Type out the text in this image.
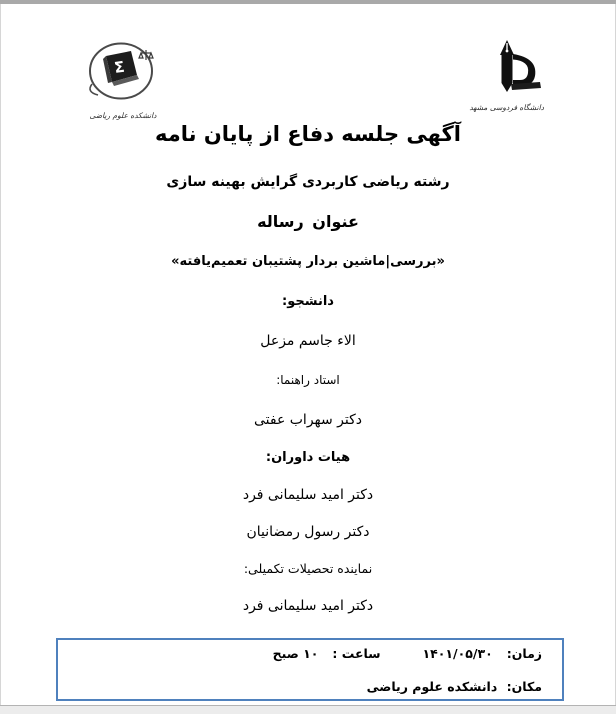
Σ
دانشکده علوم ریاضی
دانشگاه فردوسی مشهد
آگهی جلسه دفاع از پایان نامه
رشته ریاضی کاربردی گرایش بهینه سازی
عنوان رساله
«بررسی|ماشین بردار پشتیبان تعمیم‌یافته»
دانشجو:
الاء جاسم مزعل
استاد راهنما:
دکتر سهراب عفتی
هیات داوران:
دکتر امید سلیمانی فرد
دکتر رسول رمضانیان
نماینده تحصیلات تکمیلی:
دکتر امید سلیمانی فرد
زمان:
۱۴۰۱/۰۵/۳۰
ساعت :
۱۰ صبح
مکان: دانشکده علوم ریاضی
